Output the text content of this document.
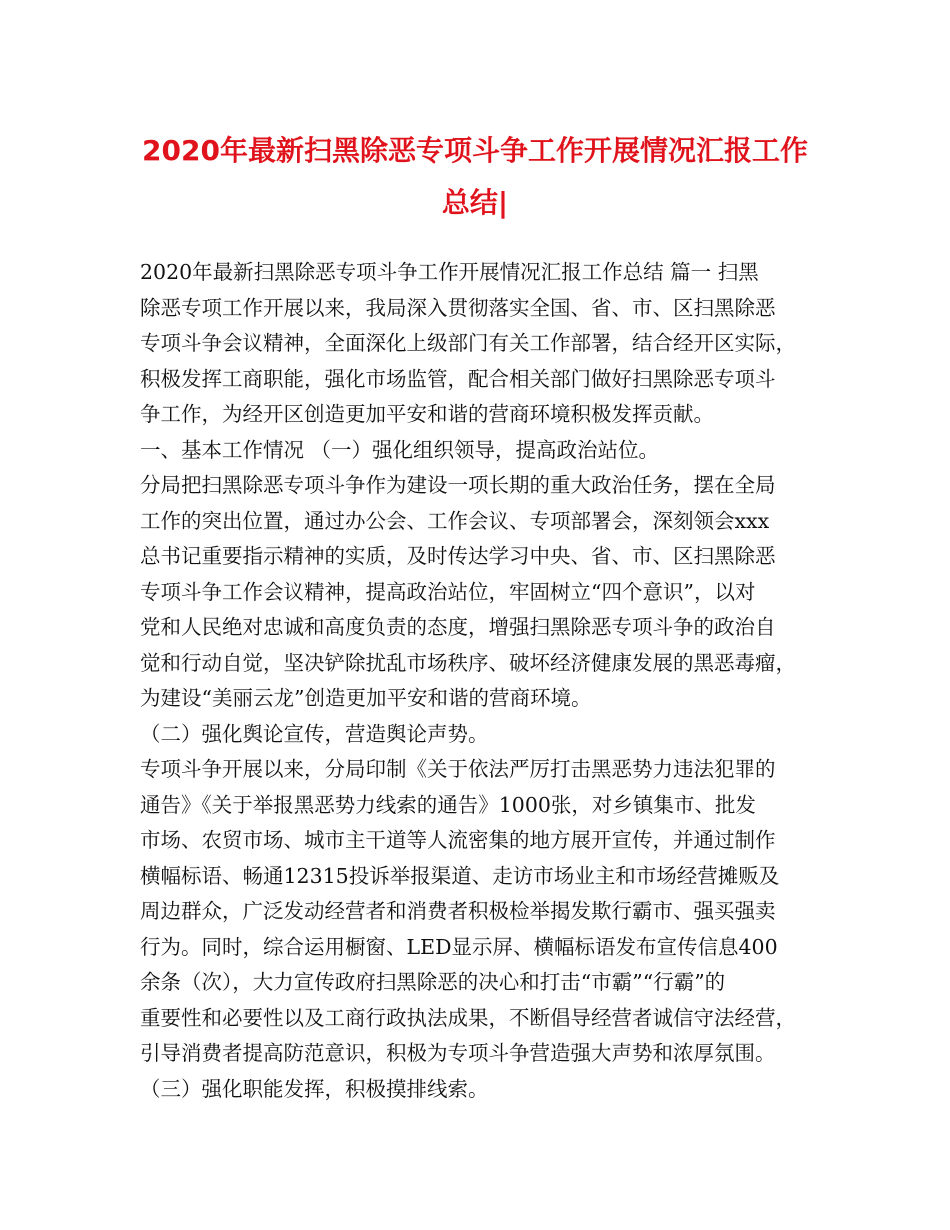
2020年最新扫黑除恶专项斗争工作开展情况汇报工作
总结|
2020年最新扫黑除恶专项斗争工作开展情况汇报工作总结 篇一 扫黑
除恶专项工作开展以来，我局深入贯彻落实全国、省、市、区扫黑除恶
专项斗争会议精神，全面深化上级部门有关工作部署，结合经开区实际，
积极发挥工商职能，强化市场监管，配合相关部门做好扫黑除恶专项斗
争工作，为经开区创造更加平安和谐的营商环境积极发挥贡献。
一、基本工作情况 （一）强化组织领导，提高政治站位。
分局把扫黑除恶专项斗争作为建设一项长期的重大政治任务，摆在全局
工作的突出位置，通过办公会、工作会议、专项部署会，深刻领会xxx
总书记重要指示精神的实质，及时传达学习中央、省、市、区扫黑除恶
专项斗争工作会议精神，提高政治站位，牢固树立“四个意识”，以对
党和人民绝对忠诚和高度负责的态度，增强扫黑除恶专项斗争的政治自
觉和行动自觉，坚决铲除扰乱市场秩序、破坏经济健康发展的黑恶毒瘤，
为建设“美丽云龙”创造更加平安和谐的营商环境。
（二）强化舆论宣传，营造舆论声势。
专项斗争开展以来，分局印制《关于依法严厉打击黑恶势力违法犯罪的
通告》《关于举报黑恶势力线索的通告》1000张，对乡镇集市、批发
市场、农贸市场、城市主干道等人流密集的地方展开宣传，并通过制作
横幅标语、畅通12315投诉举报渠道、走访市场业主和市场经营摊贩及
周边群众，广泛发动经营者和消费者积极检举揭发欺行霸市、强买强卖
行为。同时，综合运用橱窗、LED显示屏、横幅标语发布宣传信息400
余条（次），大力宣传政府扫黑除恶的决心和打击“市霸”“行霸”的
重要性和必要性以及工商行政执法成果，不断倡导经营者诚信守法经营，
引导消费者提高防范意识，积极为专项斗争营造强大声势和浓厚氛围。
（三）强化职能发挥，积极摸排线索。
